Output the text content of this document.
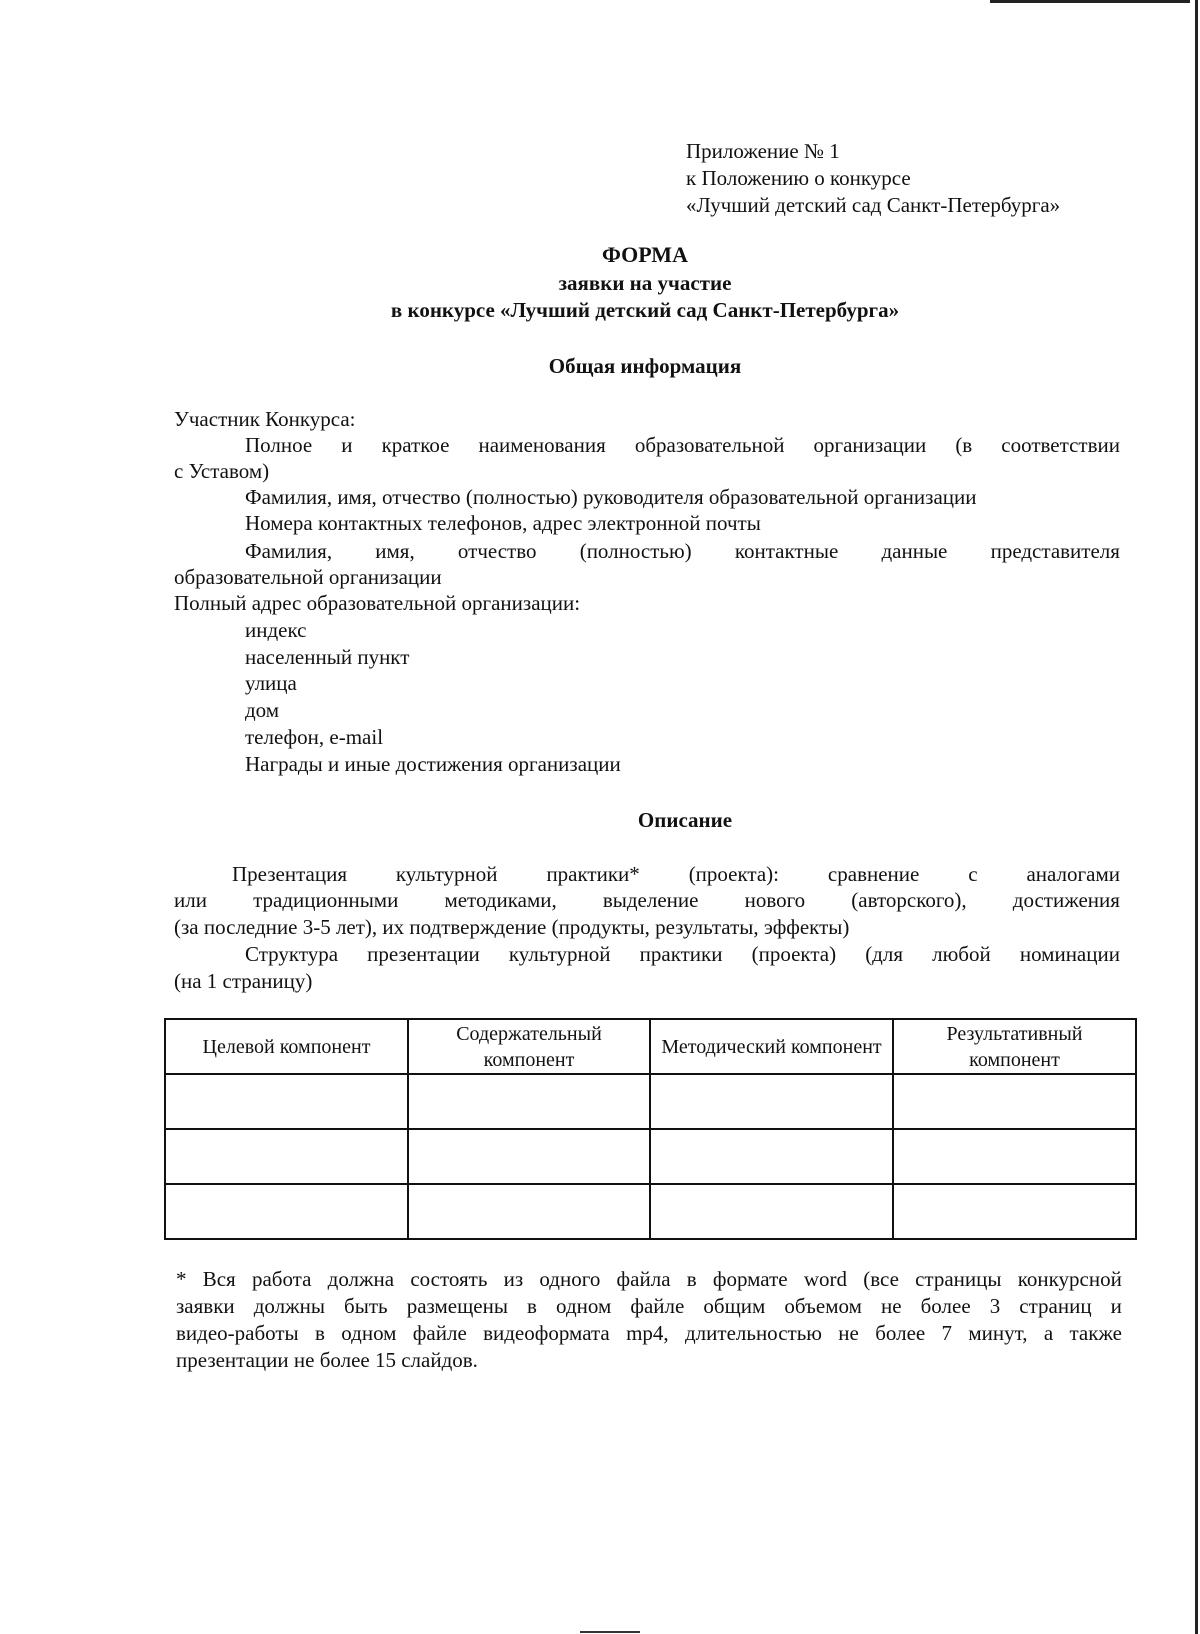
Приложение № 1
к Положению о конкурсе
«Лучший детский сад Санкт-Петербурга»
ФОРМА
заявки на участие
в конкурсе «Лучший детский сад Санкт-Петербурга»
Общая информация
Участник Конкурса:
Полное и краткое наименования образовательной организации (в соответствии
с Уставом)
Фамилия, имя, отчество (полностью) руководителя образовательной организации
Номера контактных телефонов, адрес электронной почты
Фамилия, имя, отчество (полностью) контактные данные представителя
образовательной организации
Полный адрес образовательной организации:
индекс
населенный пункт
улица
дом
телефон, e-mail
Награды и иные достижения организации
Описание
Презентация культурной практики* (проекта): сравнение с аналогами
или традиционными методиками, выделение нового (авторского), достижения
(за последние 3-5 лет), их подтверждение (продукты, результаты, эффекты)
Структура презентации культурной практики (проекта) (для любой номинации
(на 1 страницу)
Целевой компонент	Содержательный компонент	Методический компонент	Результативный компонент

* Вся работа должна состоять из одного файла в формате word (все страницы конкурсной
заявки должны быть размещены в одном файле общим объемом не более 3 страниц и
видео-работы в одном файле видеоформата mp4, длительностью не более 7 минут, а также
презентации не более 15 слайдов.
